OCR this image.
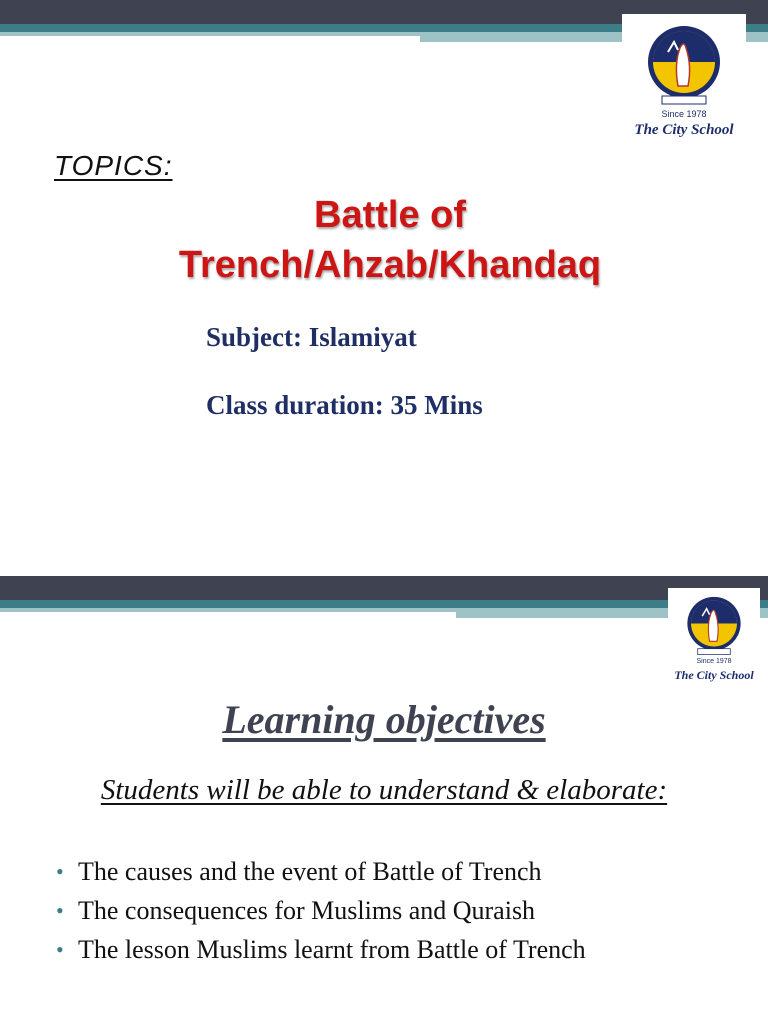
Since 1978
The City School
TOPICS:
Battle of
Trench/Ahzab/Khandaq
Subject: Islamiyat
Class duration: 35 Mins
Since 1978
The City School
Learning objectives
Students will be able to understand & elaborate:
• The causes and the event of Battle of Trench
• The consequences for Muslims and Quraish
• The lesson Muslims learnt from Battle of Trench
